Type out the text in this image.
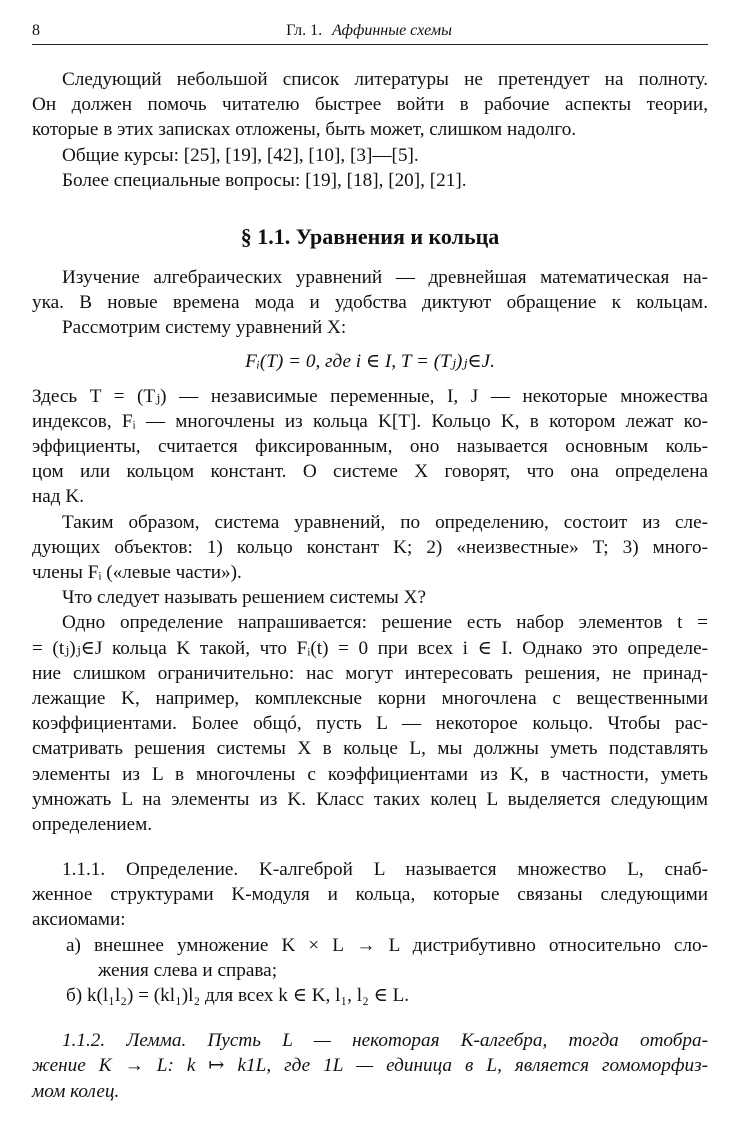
8	Гл. 1. Аффинные схемы
Следующий небольшой список литературы не претендует на полноту.
Он должен помочь читателю быстрее войти в рабочие аспекты теории,
которые в этих записках отложены, быть может, слишком надолго.
Общие курсы: [25], [19], [42], [10], [3]—[5].
Более специальные вопросы: [19], [18], [20], [21].
§ 1.1. Уравнения и кольца
Изучение алгебраических уравнений — древнейшая математическая на-
ука. В новые времена мода и удобства диктуют обращение к кольцам.
Рассмотрим системy уравнений X:
Fᵢ(T) = 0, где i ∈ I, T = (Tⱼ)ⱼ∈J.
Здесь T = (Tⱼ) — независимые переменные, I, J — некоторые множества
индексов, Fᵢ — многочлены из кольца K[T]. Кольцо K, в котором лежат ко-
эффициенты, считается фиксированным, оно называется основным коль-
цом или кольцом констант. О системе X говорят, что она определена
над K.
Таким образом, система уравнений, по определению, состоит из сле-
дующих объектов: 1) кольцо констант K; 2) «неизвестные» T; 3) много-
члены Fᵢ («левые части»).
Что следует называть решением системы X?
Одно определение напрашивается: решение есть набор элементов t =
= (tⱼ)ⱼ∈J кольца K такой, что Fᵢ(t) = 0 при всех i ∈ I. Однако это определе-
ние слишком ограничительно: нас могут интересовать решения, не принад-
лежащие K, например, комплексные корни многочлена с вещественными
коэффициентами. Более общó, пусть L — некоторое кольцо. Чтобы рас-
сматривать решения системы X в кольце L, мы должны уметь подставлять
элементы из L в многочлены с коэффициентами из K, в частности, уметь
умножать L на элементы из K. Класс таких колец L выделяется следующим
определением.
1.1.1. Определение. K-алгеброй L называется множество L, снаб-
женное структурами K-модуля и кольца, которые связаны следующими
аксиомами:
а) внешнее умножение K × L → L дистрибутивно относительно сло-
жения слева и справа;
б) k(l₁l₂) = (kl₁)l₂ для всех k ∈ K, l₁, l₂ ∈ L.
1.1.2. Лемма. Пусть L — некоторая K-алгебра, тогда отобра-
жение K → L: k ↦ k1L, где 1L — единица в L, является гомоморфиз-
мом колец.
